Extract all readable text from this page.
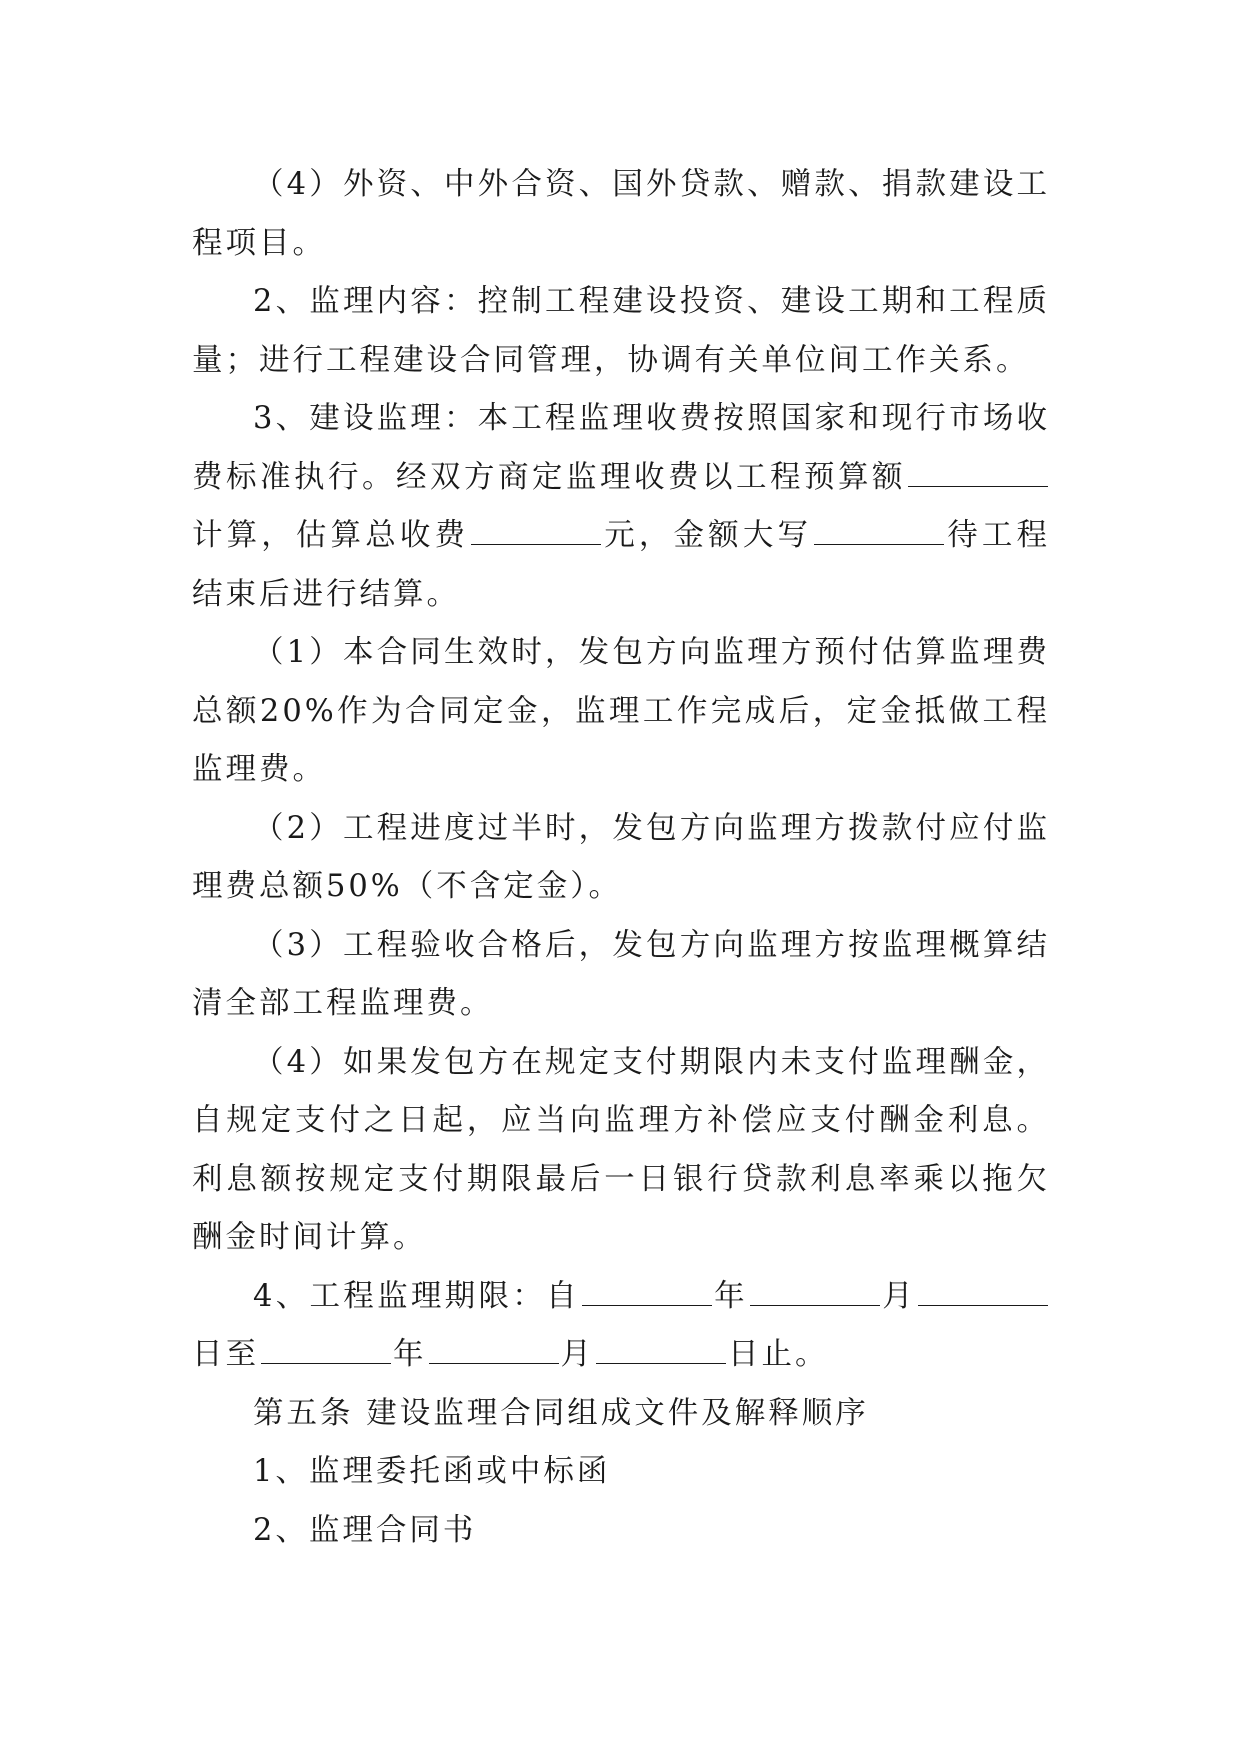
（4）外资、中外合资、国外贷款、赠款、捐款建设工程项目。

2、监理内容：控制工程建设投资、建设工期和工程质量；进行工程建设合同管理，协调有关单位间工作关系。

3、建设监理：本工程监理收费按照国家和现行市场收费标准执行。经双方商定监理收费以工程预算额计算，估算总收费	元，金额大写	待工程结束后进行结算。

（1）本合同生效时，发包方向监理方预付估算监理费总额20%作为合同定金，监理工作完成后，定金抵做工程监理费。

（2）工程进度过半时，发包方向监理方拨款付应付监理费总额50%（不含定金）。

（3）工程验收合格后，发包方向监理方按监理概算结清全部工程监理费。

（4）如果发包方在规定支付期限内未支付监理酬金，自规定支付之日起，应当向监理方补偿应支付酬金利息。利息额按规定支付期限最后一日银行贷款利息率乘以拖欠酬金时间计算。

4、工程监理期限：自	年	月日至	年	月	日止。

第五条 建设监理合同组成文件及解释顺序

1、监理委托函或中标函

2、监理合同书
